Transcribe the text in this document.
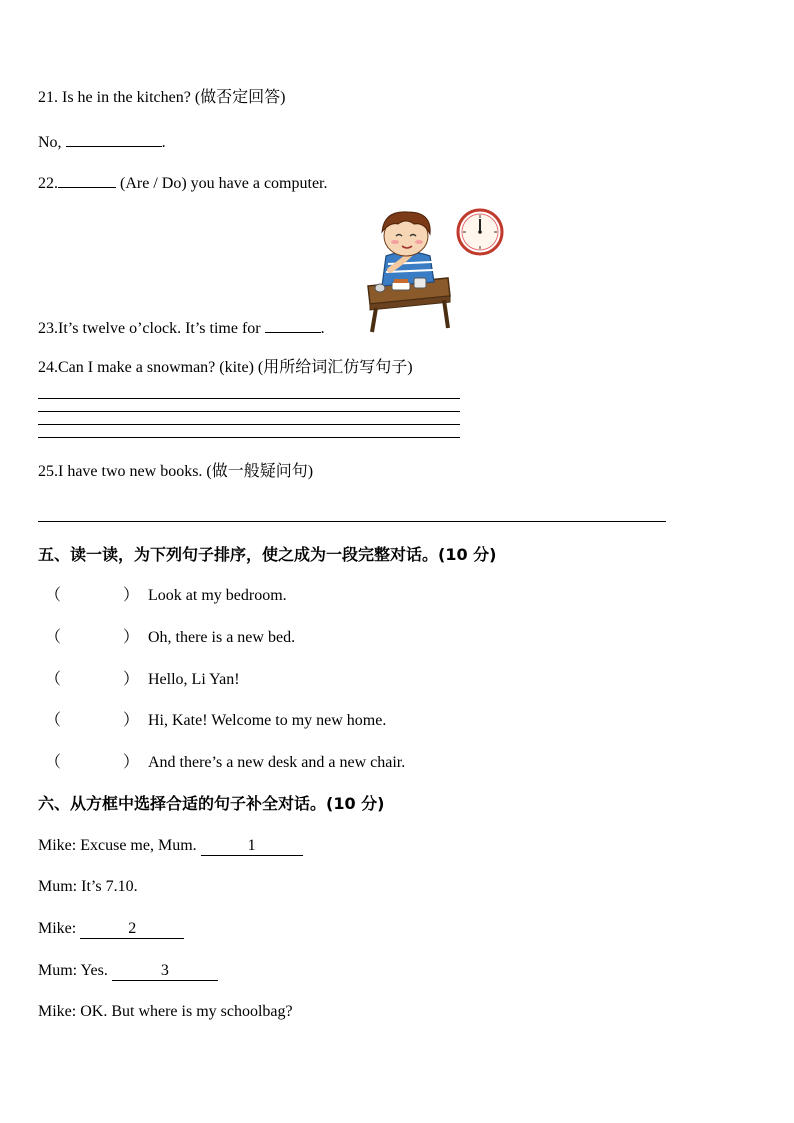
21. Is he in the kitchen? (做否定回答)
No,	.
22.	(Are / Do) you have a computer.
23.It’s twelve o’clock. It’s time for	.
24.Can I make a snowman? (kite) (用所给词汇仿写句子)
25.I have two new books. (做一般疑问句)
五、读一读，为下列句子排序，使之成为一段完整对话。(10 分)
（	） Look at my bedroom.
（	） Oh, there is a new bed.
（	） Hello, Li Yan!
（	） Hi, Kate! Welcome to my new home.
（	） And there’s a new desk and a new chair.
六、从方框中选择合适的句子补全对话。(10 分)
Mike: Excuse me, Mum.	1
Mum: It’s 7.10.
Mike:	2
Mum: Yes.	3
Mike: OK. But where is my schoolbag?
